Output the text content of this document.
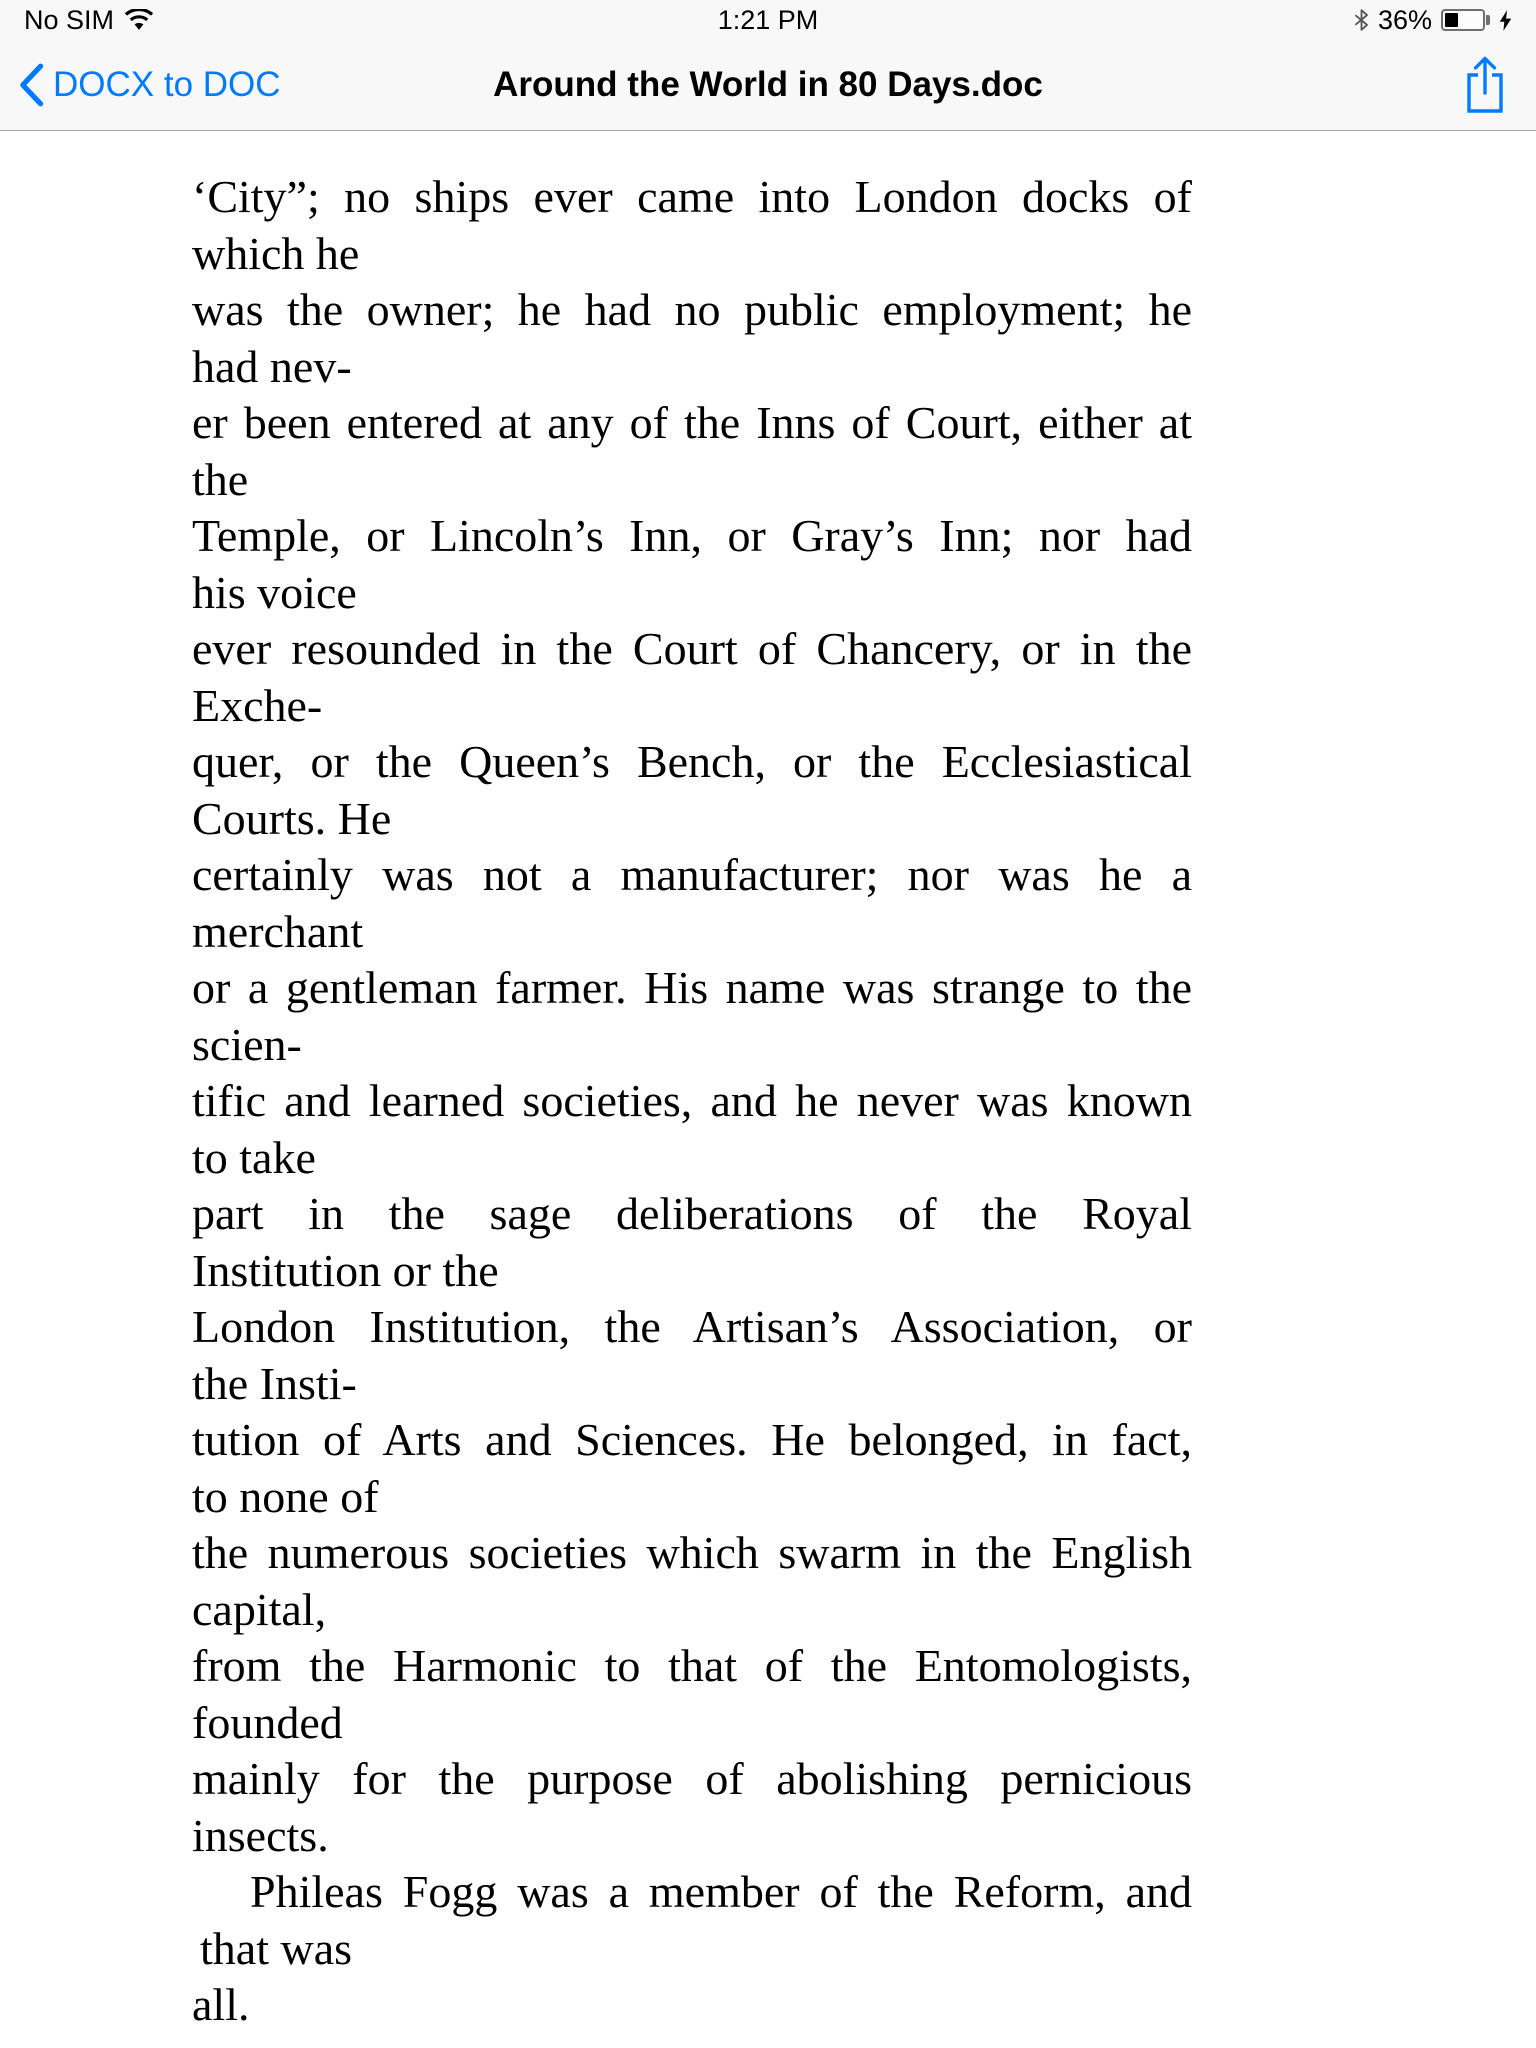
No SIM	1:21 PM	36%
Around the World in 80 Days.doc
DOCX to DOC
‘City”; no ships ever came into London docks of
which he
was the owner; he had no public employment; he
had nev-
er been entered at any of the Inns of Court, either at
the
Temple, or Lincoln’s Inn, or Gray’s Inn; nor had
his voice
ever resounded in the Court of Chancery, or in the
Exche-
quer, or the Queen’s Bench, or the Ecclesiastical
Courts. He
certainly was not a manufacturer; nor was he a
merchant
or a gentleman farmer. His name was strange to the
scien-
tific and learned societies, and he never was known
to take
part in the sage deliberations of the Royal
Institution or the
London Institution, the Artisan’s Association, or
the Insti-
tution of Arts and Sciences. He belonged, in fact,
to none of
the numerous societies which swarm in the English
capital,
from the Harmonic to that of the Entomologists,
founded
mainly for the purpose of abolishing pernicious
insects.
Phileas Fogg was a member of the Reform, and
that was
all.
